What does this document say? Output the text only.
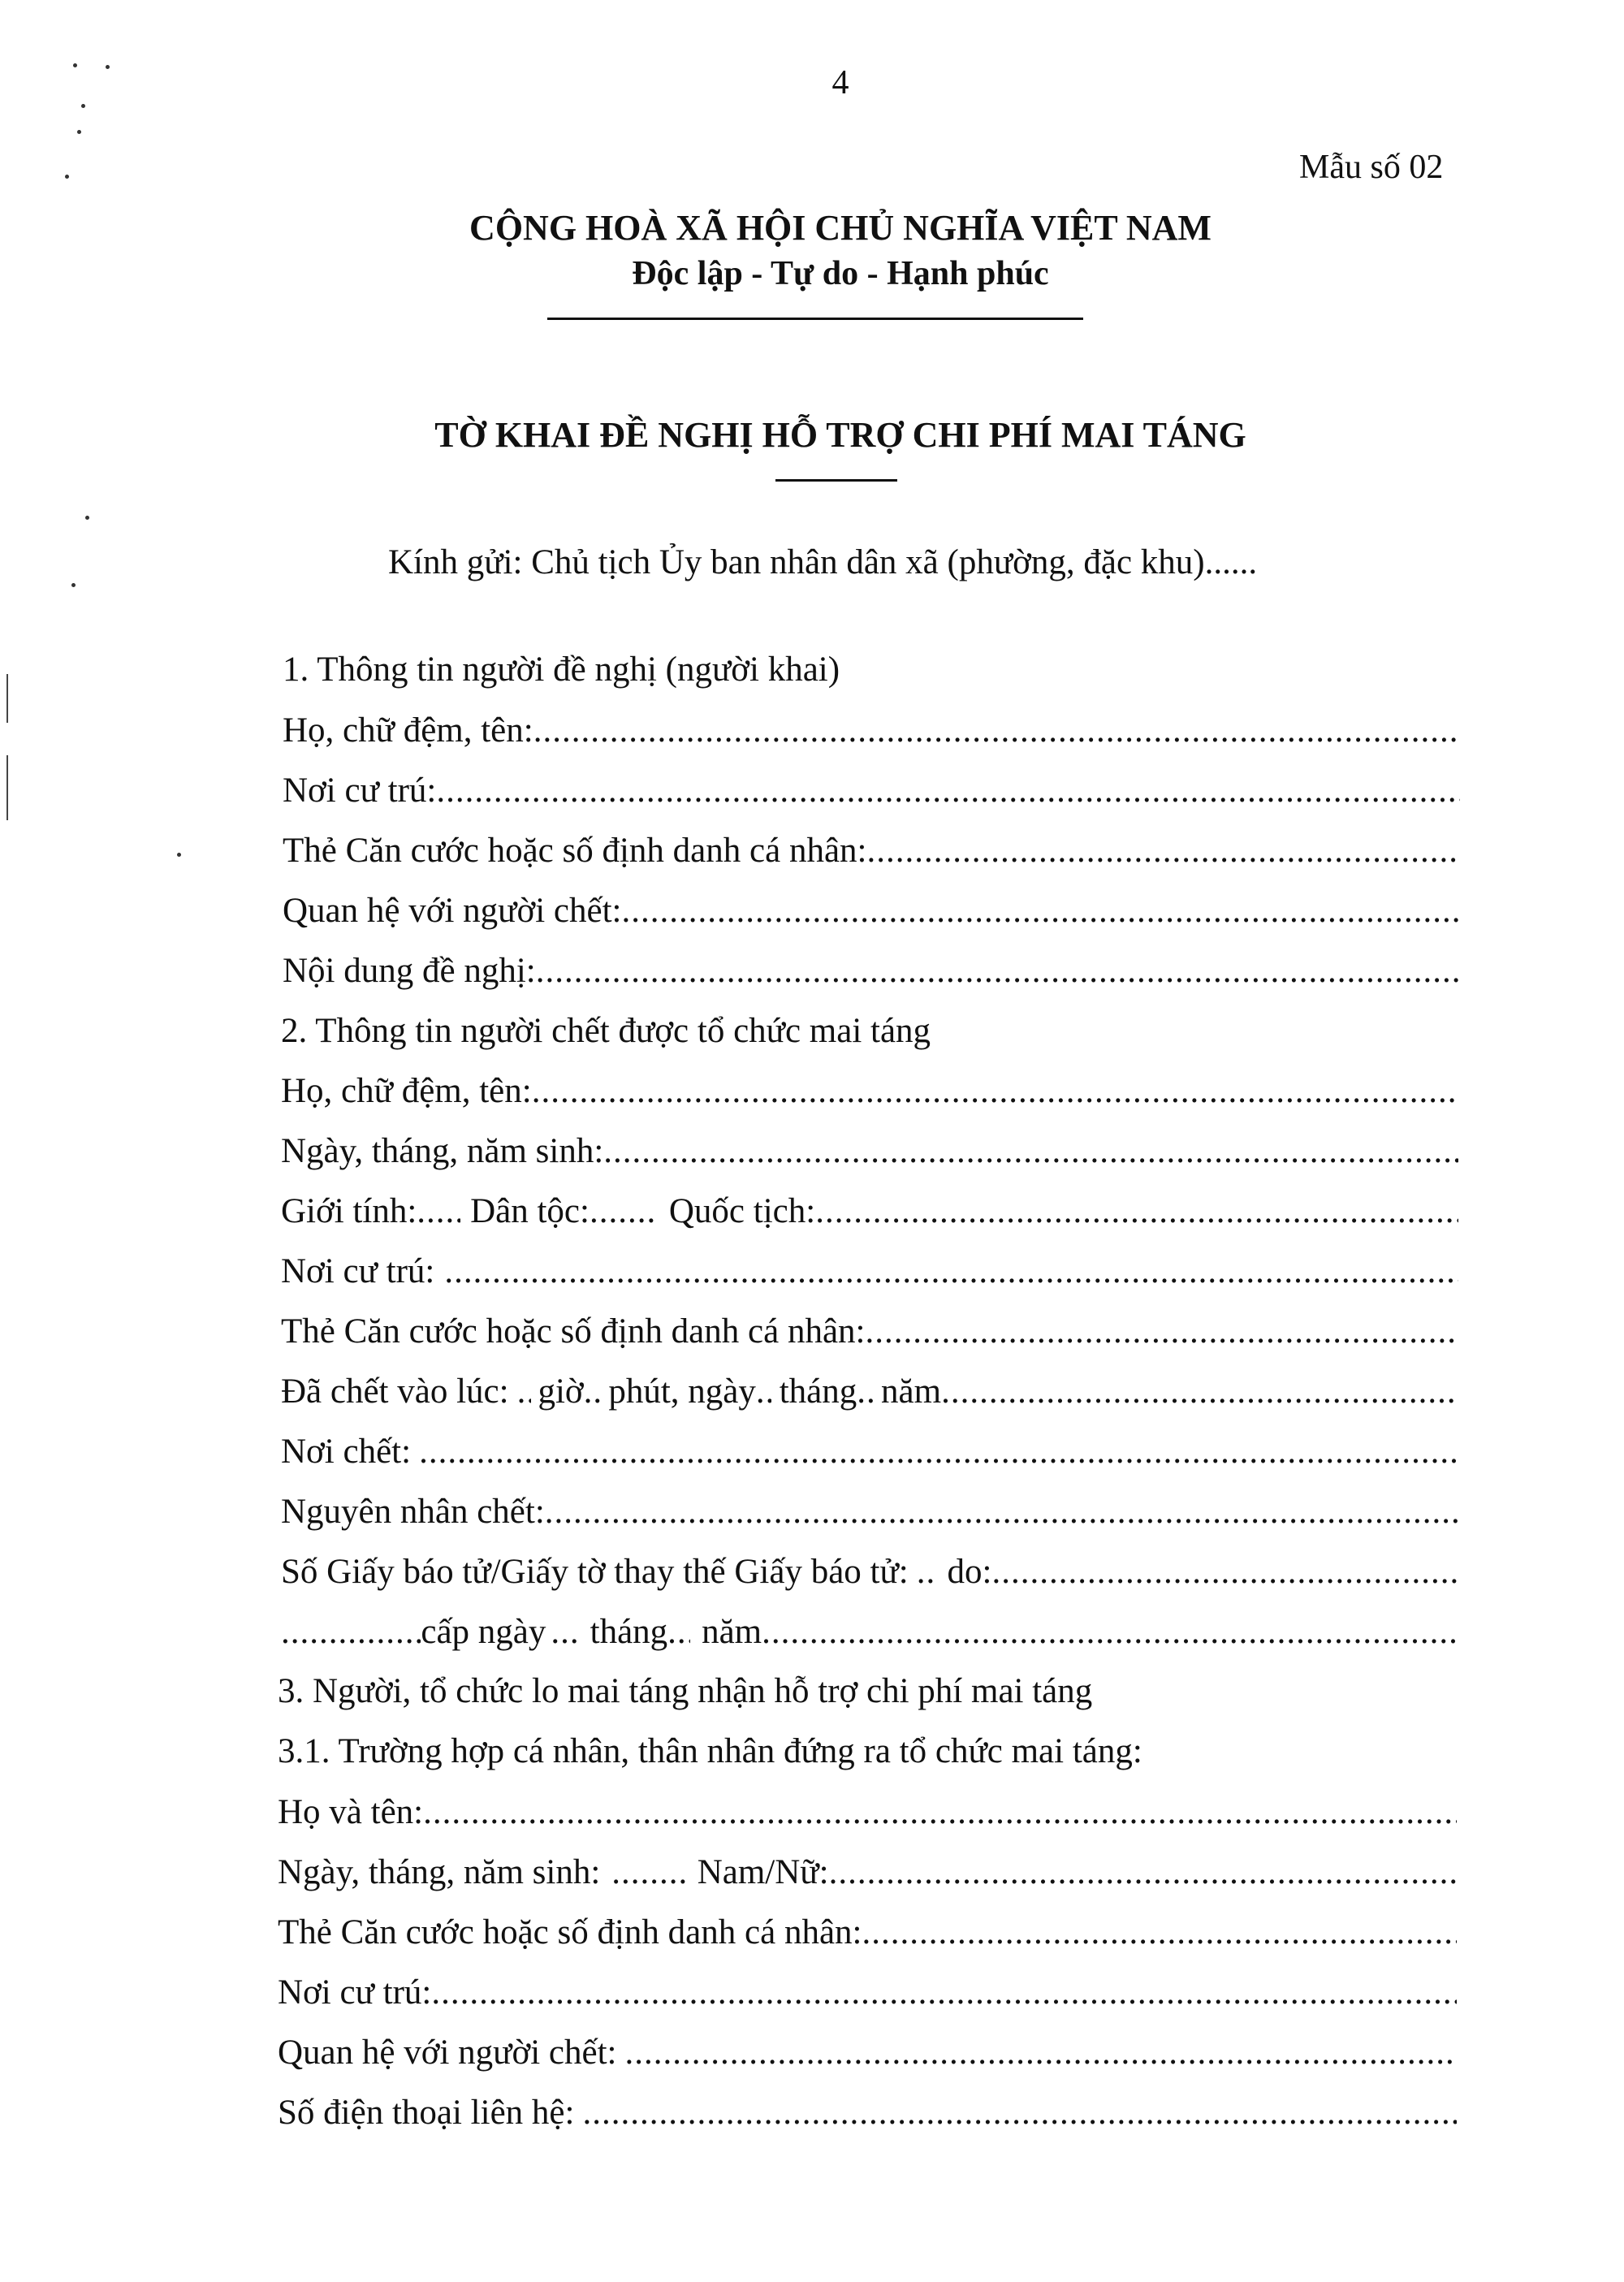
4
Mẫu số 02
CỘNG HOÀ XÃ HỘI CHỦ NGHĨA VIỆT NAM
Độc lập - Tự do - Hạnh phúc
TỜ KHAI ĐỀ NGHỊ HỖ TRỢ CHI PHÍ MAI TÁNG
Kính gửi: Chủ tịch Ủy ban nhân dân xã (phường, đặc khu)......
1. Thông tin người đề nghị (người khai)
Họ, chữ đệm, tên:
.....
Nơi cư trú:
.....
Thẻ Căn cước hoặc số định danh cá nhân:
.....
Quan hệ với người chết:
.....
Nội dung đề nghị:
.....
2. Thông tin người chết được tổ chức mai táng
Họ, chữ đệm, tên:
.....
Ngày, tháng, năm sinh:
.....
Giới tính: ..... Dân tộc: ..... Quốc tịch:
.....
Nơi cư trú:
.....
Thẻ Căn cước hoặc số định danh cá nhân:
.....
Đã chết vào lúc: ..... giờ ..... phút, ngày ..... tháng ..... năm
.....
Nơi chết:
.....
Nguyên nhân chết:
.....
Số Giấy báo tử/Giấy tờ thay thế Giấy báo tử: ..... do:
.....
.....
cấp ngày ..... tháng ..... năm
.....
3. Người, tổ chức lo mai táng nhận hỗ trợ chi phí mai táng
3.1. Trường hợp cá nhân, thân nhân đứng ra tổ chức mai táng:
Họ và tên:
.....
Ngày, tháng, năm sinh: .....	Nam/Nữ:
.....
Thẻ Căn cước hoặc số định danh cá nhân:
.....
Nơi cư trú:
.....
Quan hệ với người chết:
.....
Số điện thoại liên hệ:
.....
